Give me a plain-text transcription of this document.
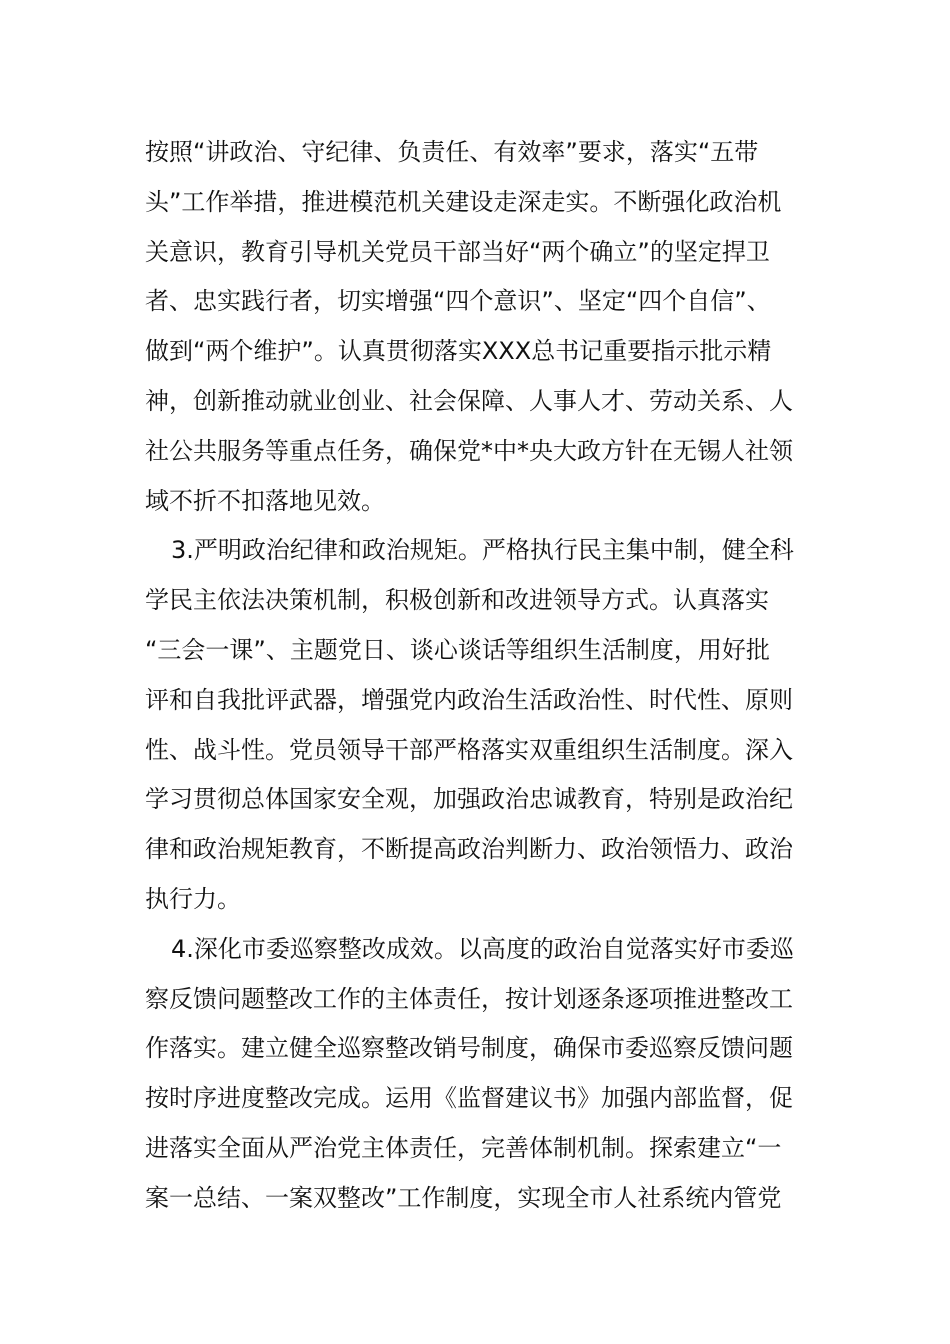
按照“讲政治、守纪律、负责任、有效率”要求，落实“五带
头”工作举措，推进模范机关建设走深走实。不断强化政治机
关意识，教育引导机关党员干部当好“两个确立”的坚定捍卫
者、忠实践行者，切实增强“四个意识”、坚定“四个自信”、
做到“两个维护”。认真贯彻落实XXX总书记重要指示批示精
神，创新推动就业创业、社会保障、人事人才、劳动关系、人
社公共服务等重点任务，确保党*中*央大政方针在无锡人社领
域不折不扣落地见效。
3.严明政治纪律和政治规矩。严格执行民主集中制，健全科
学民主依法决策机制，积极创新和改进领导方式。认真落实
“三会一课”、主题党日、谈心谈话等组织生活制度，用好批
评和自我批评武器，增强党内政治生活政治性、时代性、原则
性、战斗性。党员领导干部严格落实双重组织生活制度。深入
学习贯彻总体国家安全观，加强政治忠诚教育，特别是政治纪
律和政治规矩教育，不断提高政治判断力、政治领悟力、政治
执行力。
4.深化市委巡察整改成效。以高度的政治自觉落实好市委巡
察反馈问题整改工作的主体责任，按计划逐条逐项推进整改工
作落实。建立健全巡察整改销号制度，确保市委巡察反馈问题
按时序进度整改完成。运用《监督建议书》加强内部监督，促
进落实全面从严治党主体责任，完善体制机制。探索建立“一
案一总结、一案双整改”工作制度，实现全市人社系统内管党
